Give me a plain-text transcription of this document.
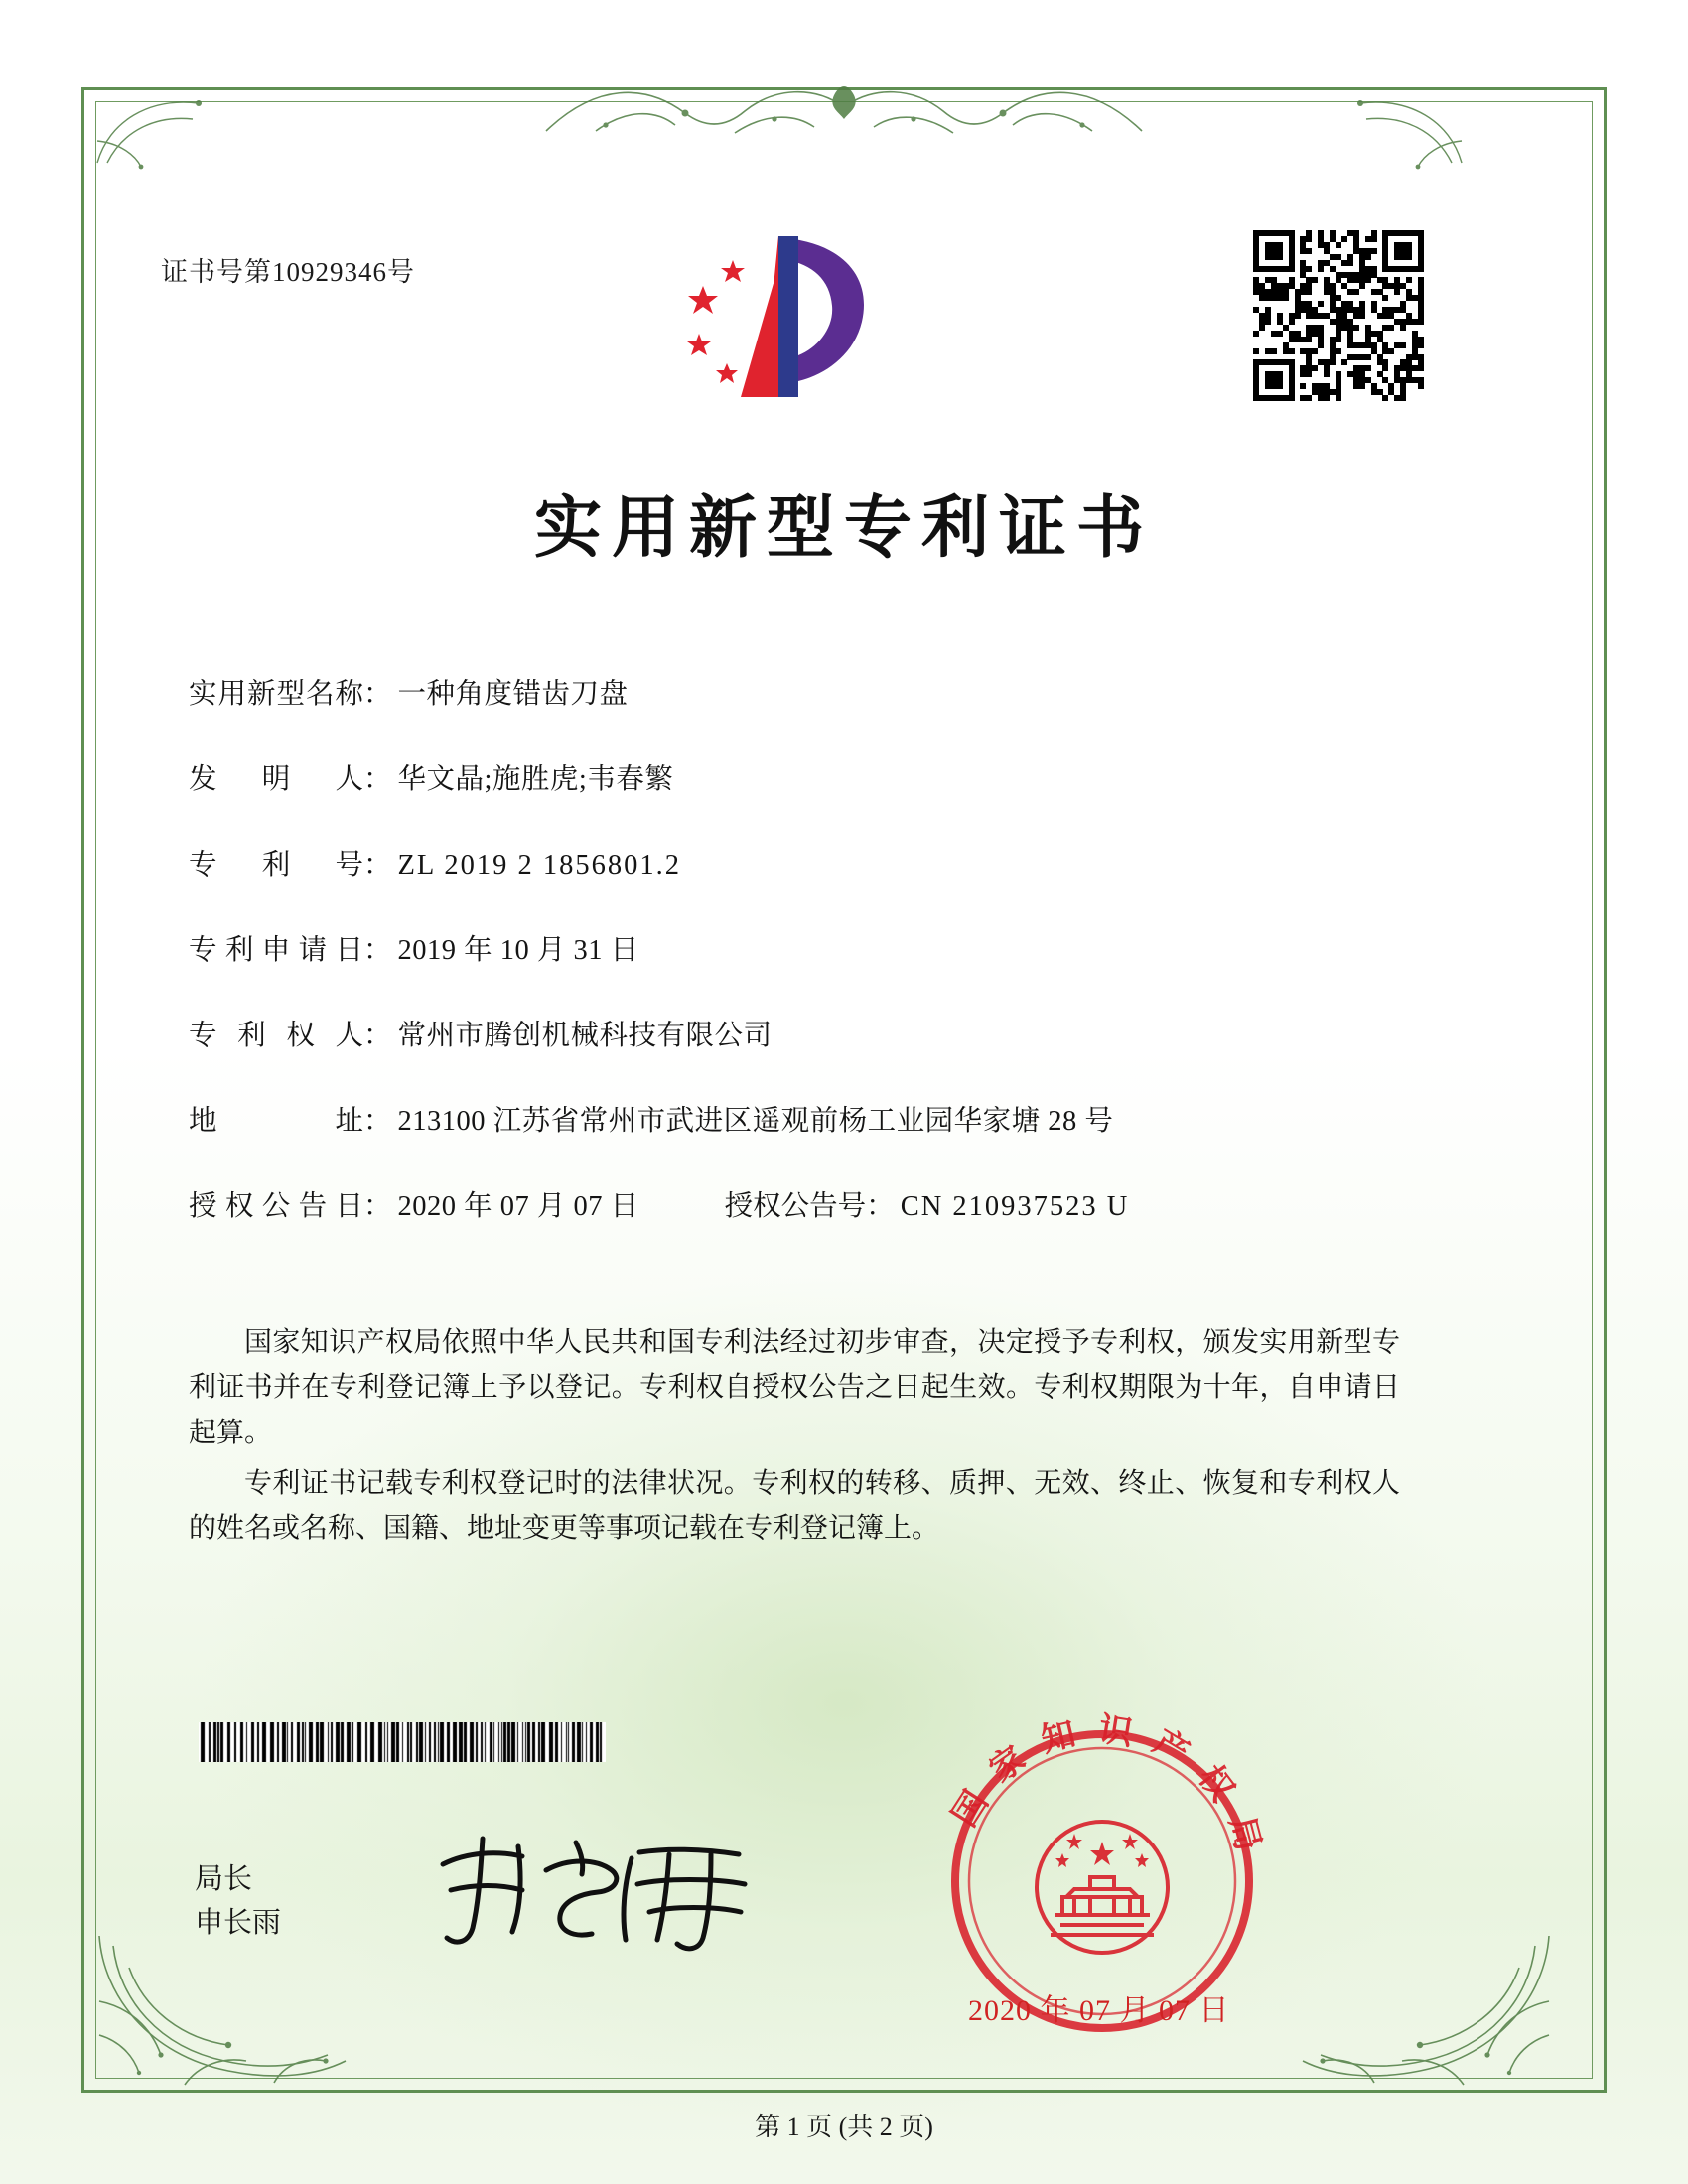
证书号第10929346号
实用新型专利证书
实用新型名称 ： 一种角度错齿刀盘
发明人 ： 华文晶;施胜虎;韦春繁
专利号 ： ZL 2019 2 1856801.2
专利申请日 ： 2019 年 10 月 31 日
专利权人 ： 常州市腾创机械科技有限公司
地址 ： 213100 江苏省常州市武进区遥观前杨工业园华家塘 28 号
授权公告日 ： 2020 年 07 月 07 日	授权公告号 ： CN 210937523 U

国家知识产权局依照中华人民共和国专利法经过初步审查，决定授予专利权，颁发实用新型专利证书并在专利登记簿上予以登记。专利权自授权公告之日起生效。专利权期限为十年，自申请日起算。

专利证书记载专利权登记时的法律状况。专利权的转移、质押、无效、终止、恢复和专利权人的姓名或名称、国籍、地址变更等事项记载在专利登记簿上。

局长
申长雨
国家知识产权局
2020 年 07 月 07 日
第 1 页 (共 2 页)
